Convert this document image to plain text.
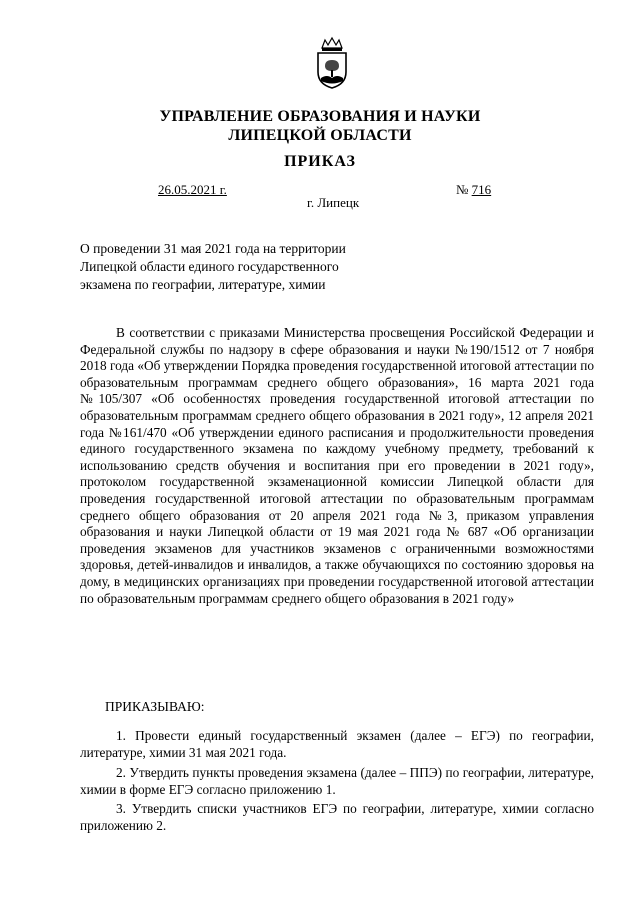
УПРАВЛЕНИЕ ОБРАЗОВАНИЯ И НАУКИ
ЛИПЕЦКОЙ ОБЛАСТИ
ПРИКАЗ
26.05.2021 г.	№ 716
г. Липецк
О проведении 31 мая 2021 года на территории
Липецкой области единого государственного
экзамена по географии, литературе, химии

В соответствии с приказами Министерства просвещения Российской Федерации и Федеральной службы по надзору в сфере образования и науки №190/1512 от 7 ноября 2018 года «Об утверждении Порядка проведения государственной итоговой аттестации по образовательным программам среднего общего образования», 16 марта 2021 года №105/307 «Об особенностях проведения государственной итоговой аттестации по образовательным программам среднего общего образования в 2021 году», 12 апреля 2021 года №161/470 «Об утверждении единого расписания и продолжительности проведения единого государственного экзамена по каждому учебному предмету, требований к использованию средств обучения и воспитания при его проведении в 2021 году», протоколом государственной экзаменационной комиссии Липецкой области для проведения государственной итоговой аттестации по образовательным программам среднего общего образования от 20 апреля 2021 года №3, приказом управления образования и науки Липецкой области от 19 мая 2021 года № 687 «Об организации проведения экзаменов для участников экзаменов с ограниченными возможностями здоровья, детей-инвалидов и инвалидов, а также обучающихся по состоянию здоровья на дому, в медицинских организациях при проведении государственной итоговой аттестации по образовательным программам среднего общего образования в 2021 году»

ПРИКАЗЫВАЮ:

1. Провести единый государственный экзамен (далее – ЕГЭ) по географии, литературе, химии 31 мая 2021 года.

2. Утвердить пункты проведения экзамена (далее – ППЭ) по географии, литературе, химии в форме ЕГЭ согласно приложению 1.

3. Утвердить списки участников ЕГЭ по географии, литературе, химии согласно приложению 2.
